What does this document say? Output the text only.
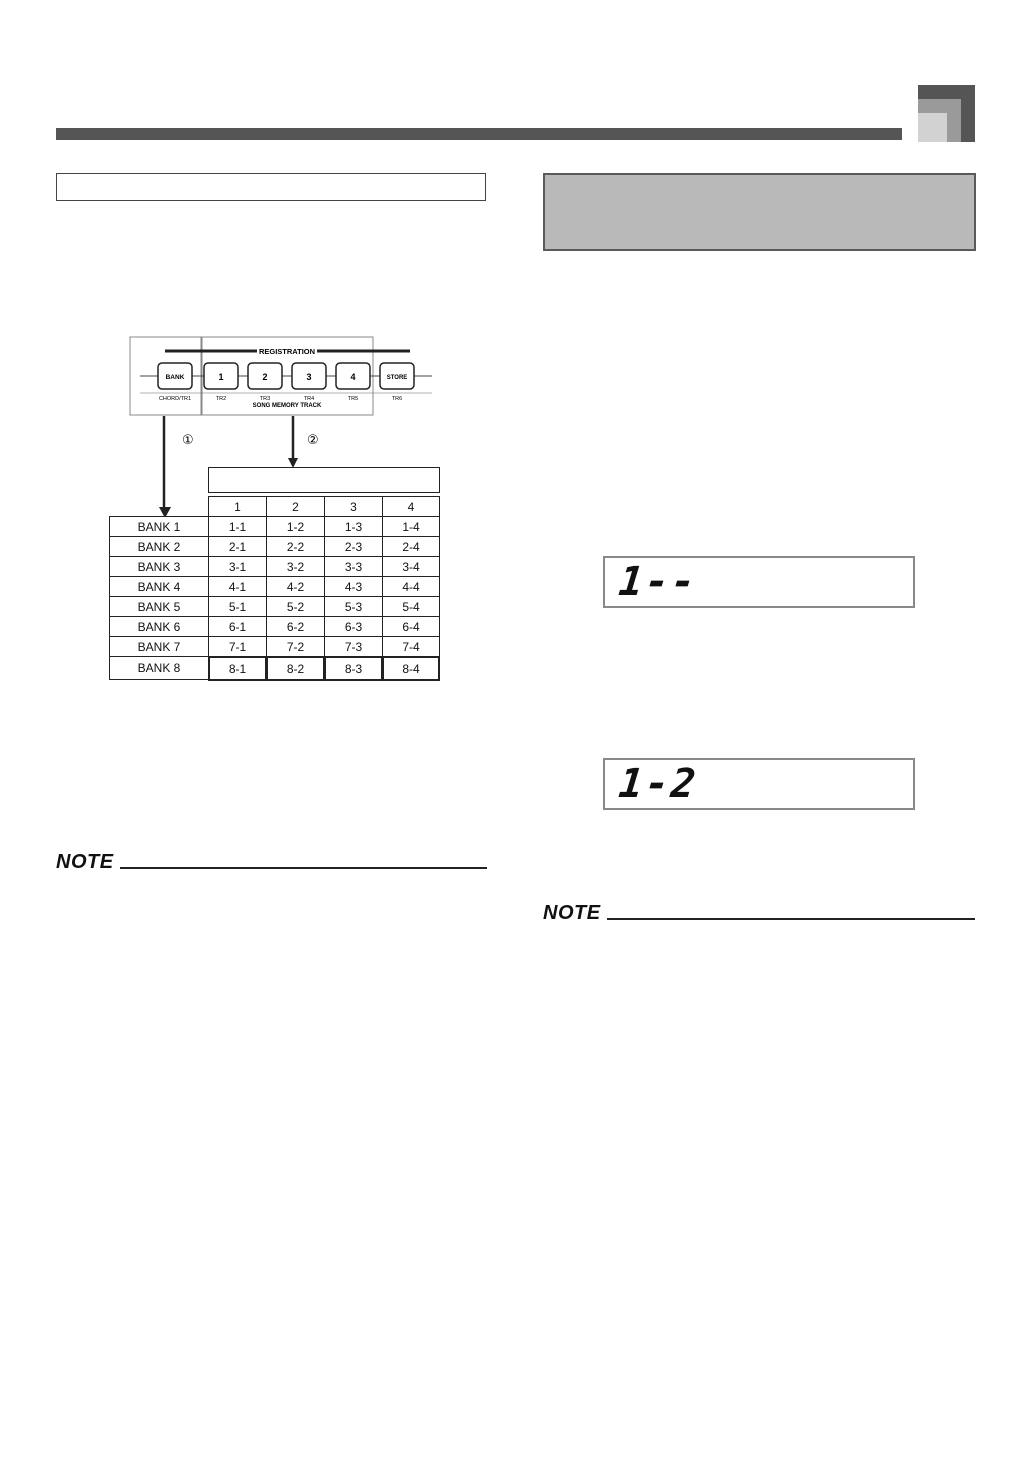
REGISTRATION
BANK	1	2	3	4	STORE
CHORD/TR1	TR2	TR3	TR4	TR5	TR6
SONG MEMORY TRACK
①	②
1	2	3	4
BANK 1	1-1	1-2	1-3	1-4
BANK 2	2-1	2-2	2-3	2-4
BANK 3	3-1	3-2	3-3	3-4
BANK 4	4-1	4-2	4-3	4-4
BANK 5	5-1	5-2	5-3	5-4
BANK 6	6-1	6-2	6-3	6-4
BANK 7	7-1	7-2	7-3	7-4
BANK 8	8-1	8-2	8-3	8-4
1--
1-2
NOTE
NOTE
